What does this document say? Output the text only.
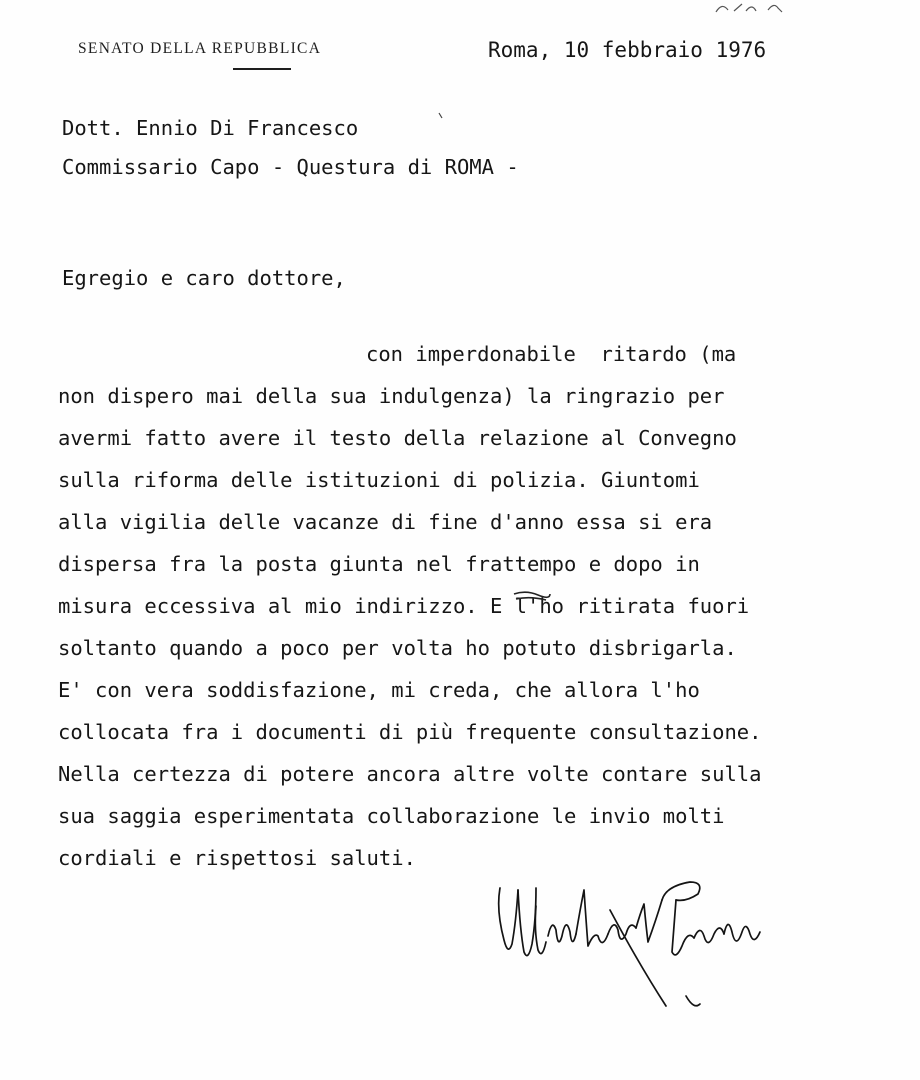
SENATO DELLA REPUBBLICA	Roma, 10 febbraio 1976
Dott. Ennio Di Francesco
Commissario Capo - Questura di ROMA -
Egregio e caro dottore,
con imperdonabile  ritardo (ma
non dispero mai della sua indulgenza) la ringrazio per
avermi fatto avere il testo della relazione al Convegno
sulla riforma delle istituzioni di polizia. Giuntomi
alla vigilia delle vacanze di fine d'anno essa si era
dispersa fra la posta giunta nel frattempo e dopo in
misura eccessiva al mio indirizzo. E l'ho ritirata fuori
soltanto quando a poco per volta ho potuto disbrigarla.
E' con vera soddisfazione, mi creda, che allora l'ho
collocata fra i documenti di più frequente consultazione.
Nella certezza di potere ancora altre volte contare sulla
sua saggia esperimentata collaborazione le invio molti
cordiali e rispettosi saluti.
